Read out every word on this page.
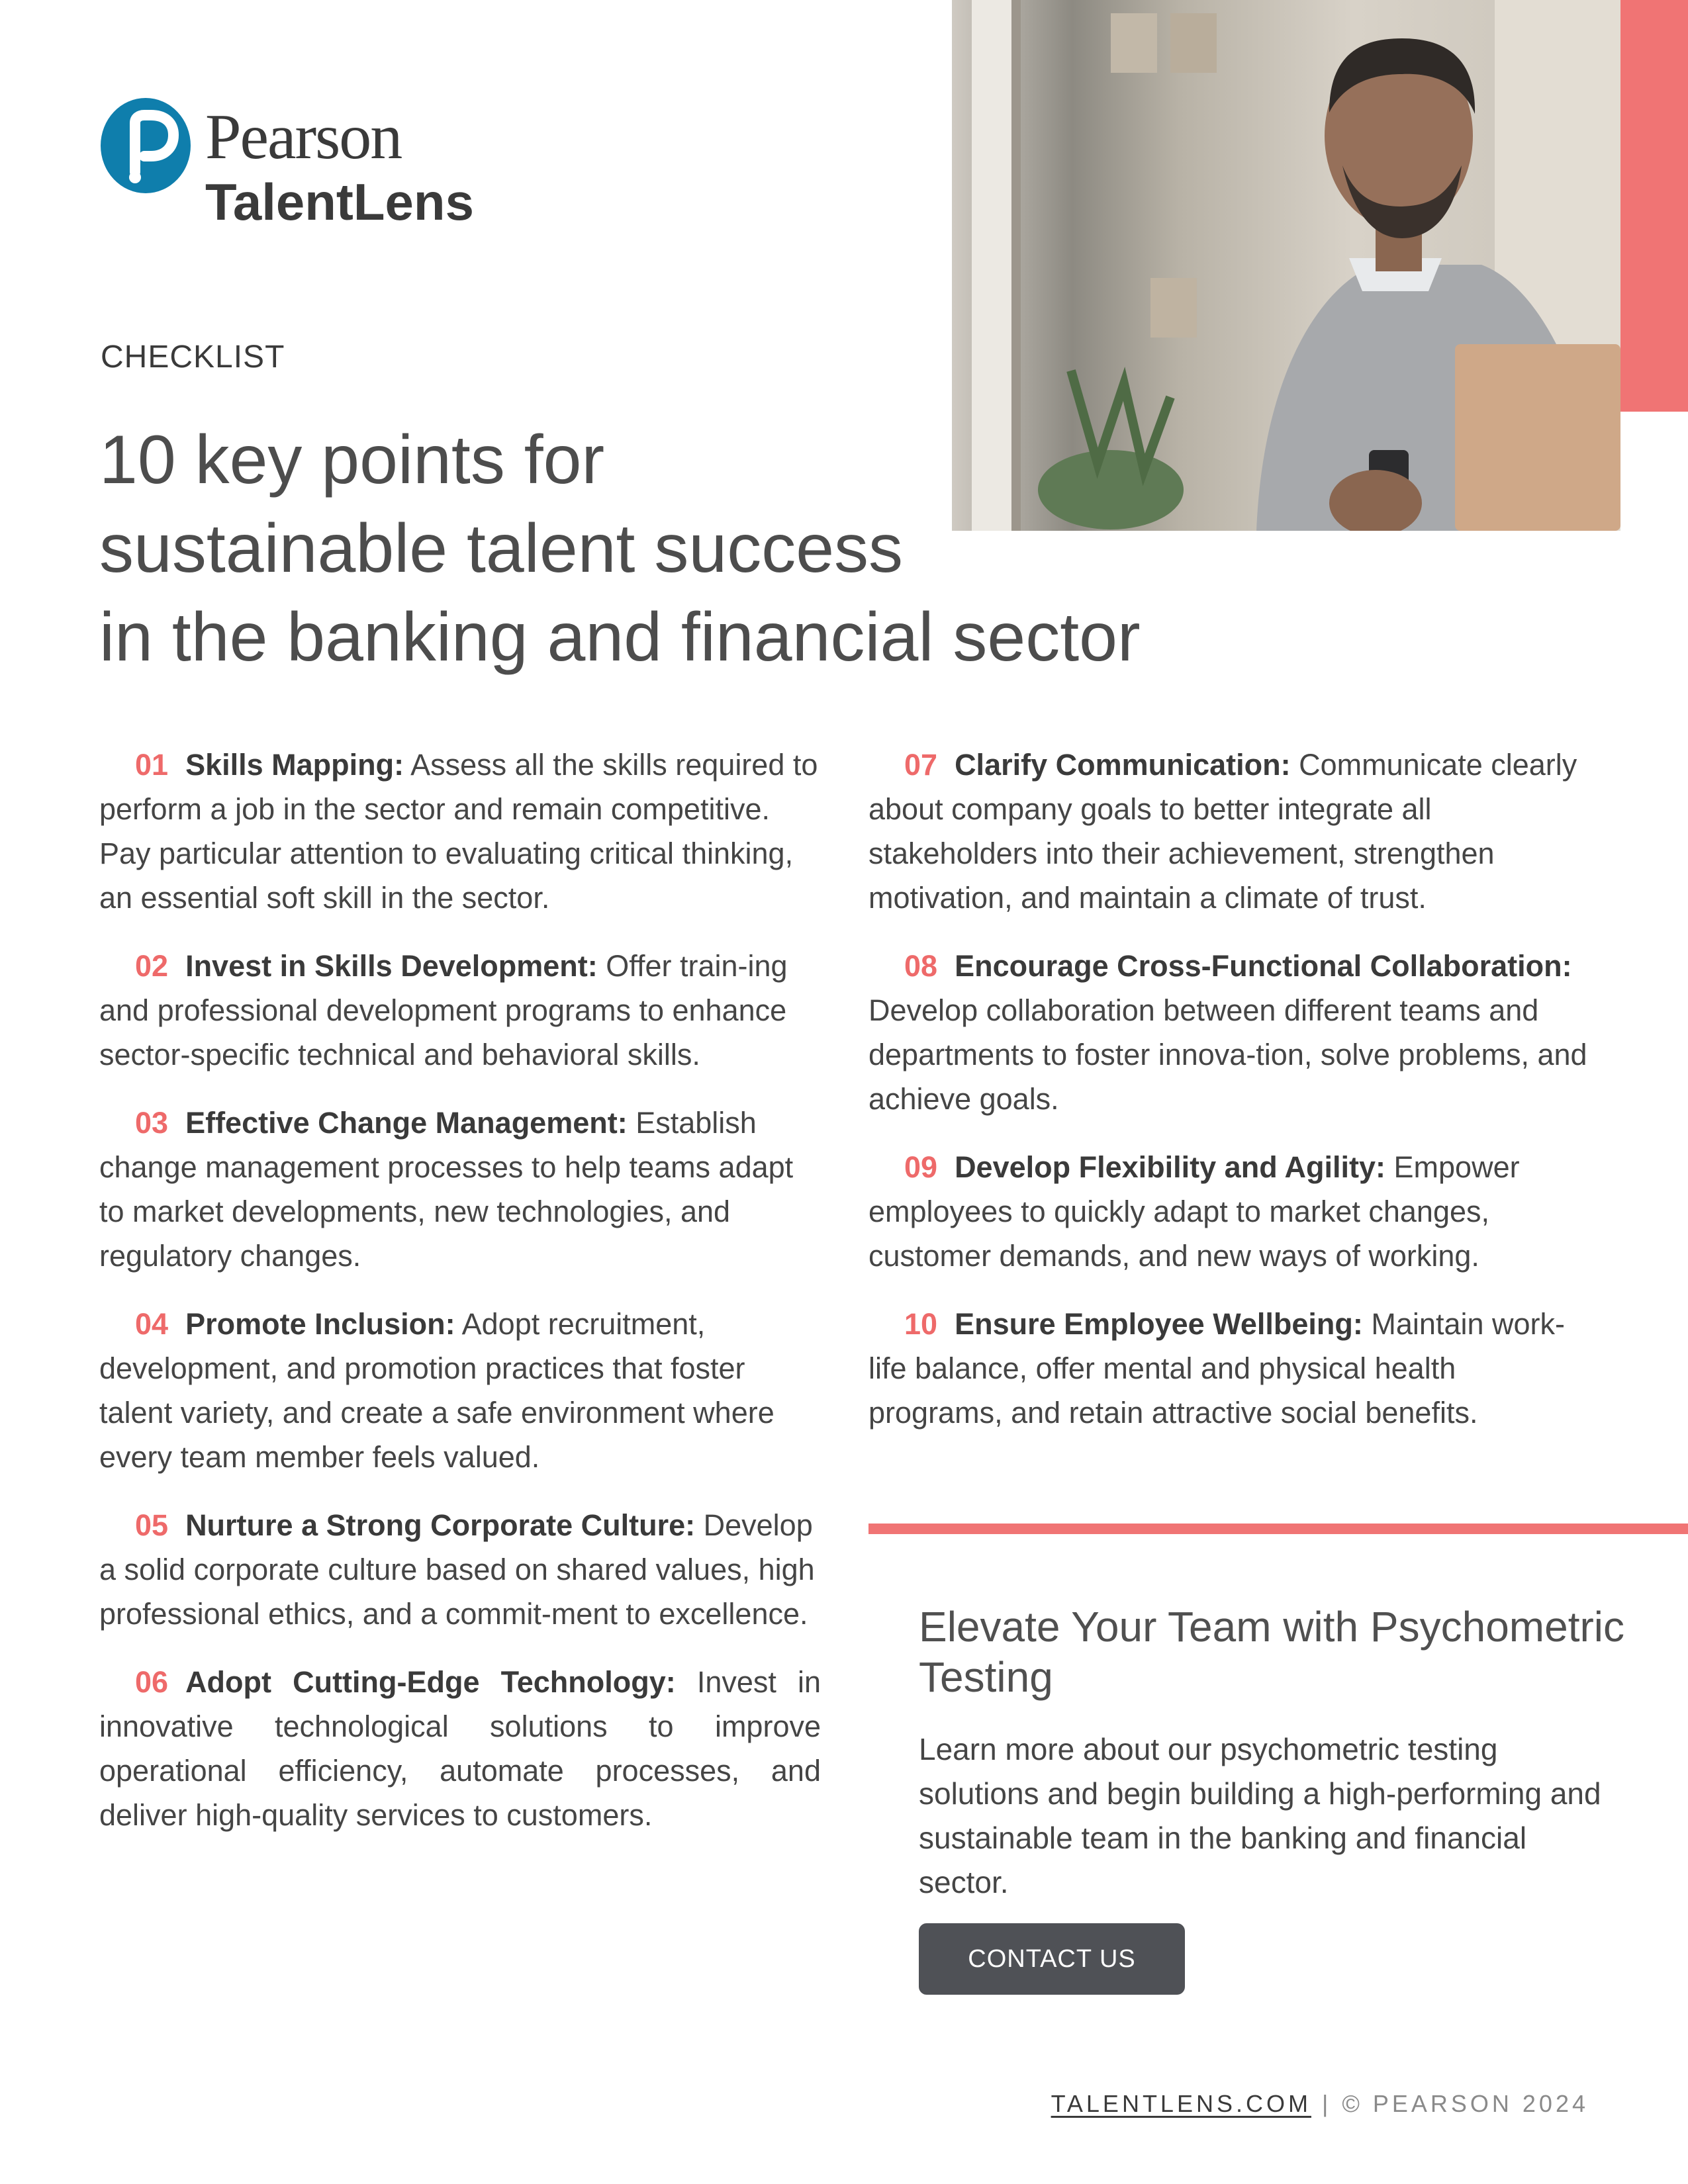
Pearson
TalentLens
CHECKLIST
10 key points for
sustainable talent success
in the banking and financial sector

01 Skills Mapping: Assess all the skills required to perform a job in the sector and remain competitive. Pay particular attention to evaluating critical thinking, an essential soft skill in the sector.

02 Invest in Skills Development: Offer train-ing and professional development programs to enhance sector-specific technical and behavioral skills.

03 Effective Change Management: Establish change management processes to help teams adapt to market developments, new technologies, and regulatory changes.

04 Promote Inclusion: Adopt recruitment, development, and promotion practices that foster talent variety, and create a safe environment where every team member feels valued.

05 Nurture a Strong Corporate Culture: Develop a solid corporate culture based on shared values, high professional ethics, and a commit-ment to excellence.

06 Adopt Cutting-Edge Technology: Invest in innovative technological solutions to improve operational efficiency, automate processes, and deliver high-quality services to customers.

07 Clarify Communication: Communicate clearly about company goals to better integrate all stakeholders into their achievement, strengthen motivation, and maintain a climate of trust.

08 Encourage Cross-Functional Collaboration: Develop collaboration between different teams and departments to foster innova-tion, solve problems, and achieve goals.

09 Develop Flexibility and Agility: Empower employees to quickly adapt to market changes, customer demands, and new ways of working.

10 Ensure Employee Wellbeing: Maintain work-life balance, offer mental and physical health programs, and retain attractive social benefits.

Elevate Your Team with Psychometric Testing

Learn more about our psychometric testing solutions and begin building a high-performing and sustainable team in the banking and financial sector.

CONTACT US
TALENTLENS.COM | © PEARSON 2024
